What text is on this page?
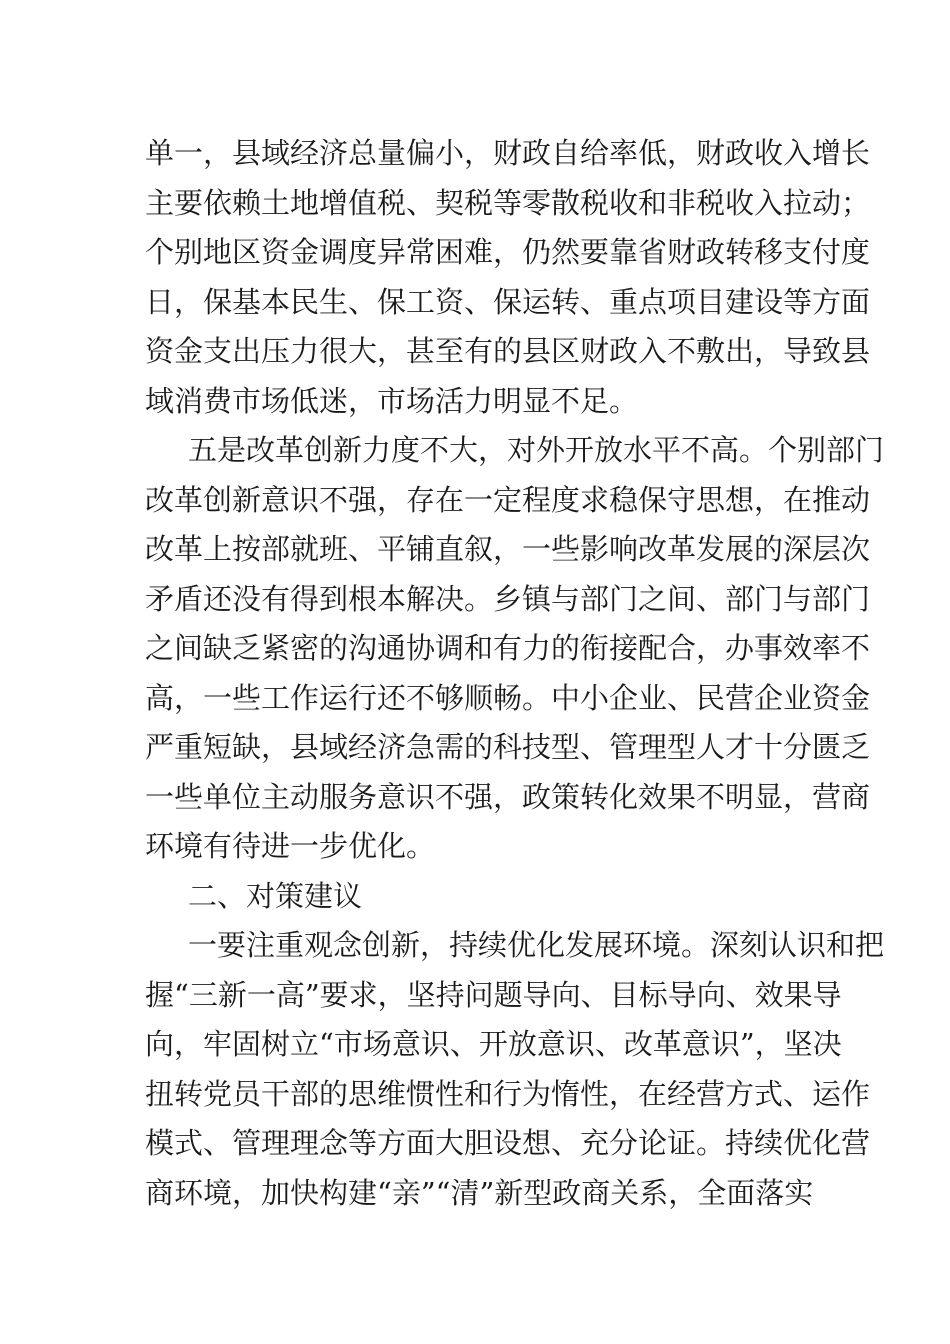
单一，县域经济总量偏小，财政自给率低，财政收入增长
主要依赖土地增值税、契税等零散税收和非税收入拉动；
个别地区资金调度异常困难，仍然要靠省财政转移支付度
日，保基本民生、保工资、保运转、重点项目建设等方面
资金支出压力很大，甚至有的县区财政入不敷出，导致县
域消费市场低迷，市场活力明显不足。
五是改革创新力度不大，对外开放水平不高。个别部门
改革创新意识不强，存在一定程度求稳保守思想，在推动
改革上按部就班、平铺直叙，一些影响改革发展的深层次
矛盾还没有得到根本解决。乡镇与部门之间、部门与部门
之间缺乏紧密的沟通协调和有力的衔接配合，办事效率不
高，一些工作运行还不够顺畅。中小企业、民营企业资金
严重短缺，县域经济急需的科技型、管理型人才十分匮乏
一些单位主动服务意识不强，政策转化效果不明显，营商
环境有待进一步优化。
二、对策建议
一要注重观念创新，持续优化发展环境。深刻认识和把
握“三新一高”要求，坚持问题导向、目标导向、效果导
向，牢固树立“市场意识、开放意识、改革意识”，坚决
扭转党员干部的思维惯性和行为惰性，在经营方式、运作
模式、管理理念等方面大胆设想、充分论证。持续优化营
商环境，加快构建“亲”“清”新型政商关系，全面落实
